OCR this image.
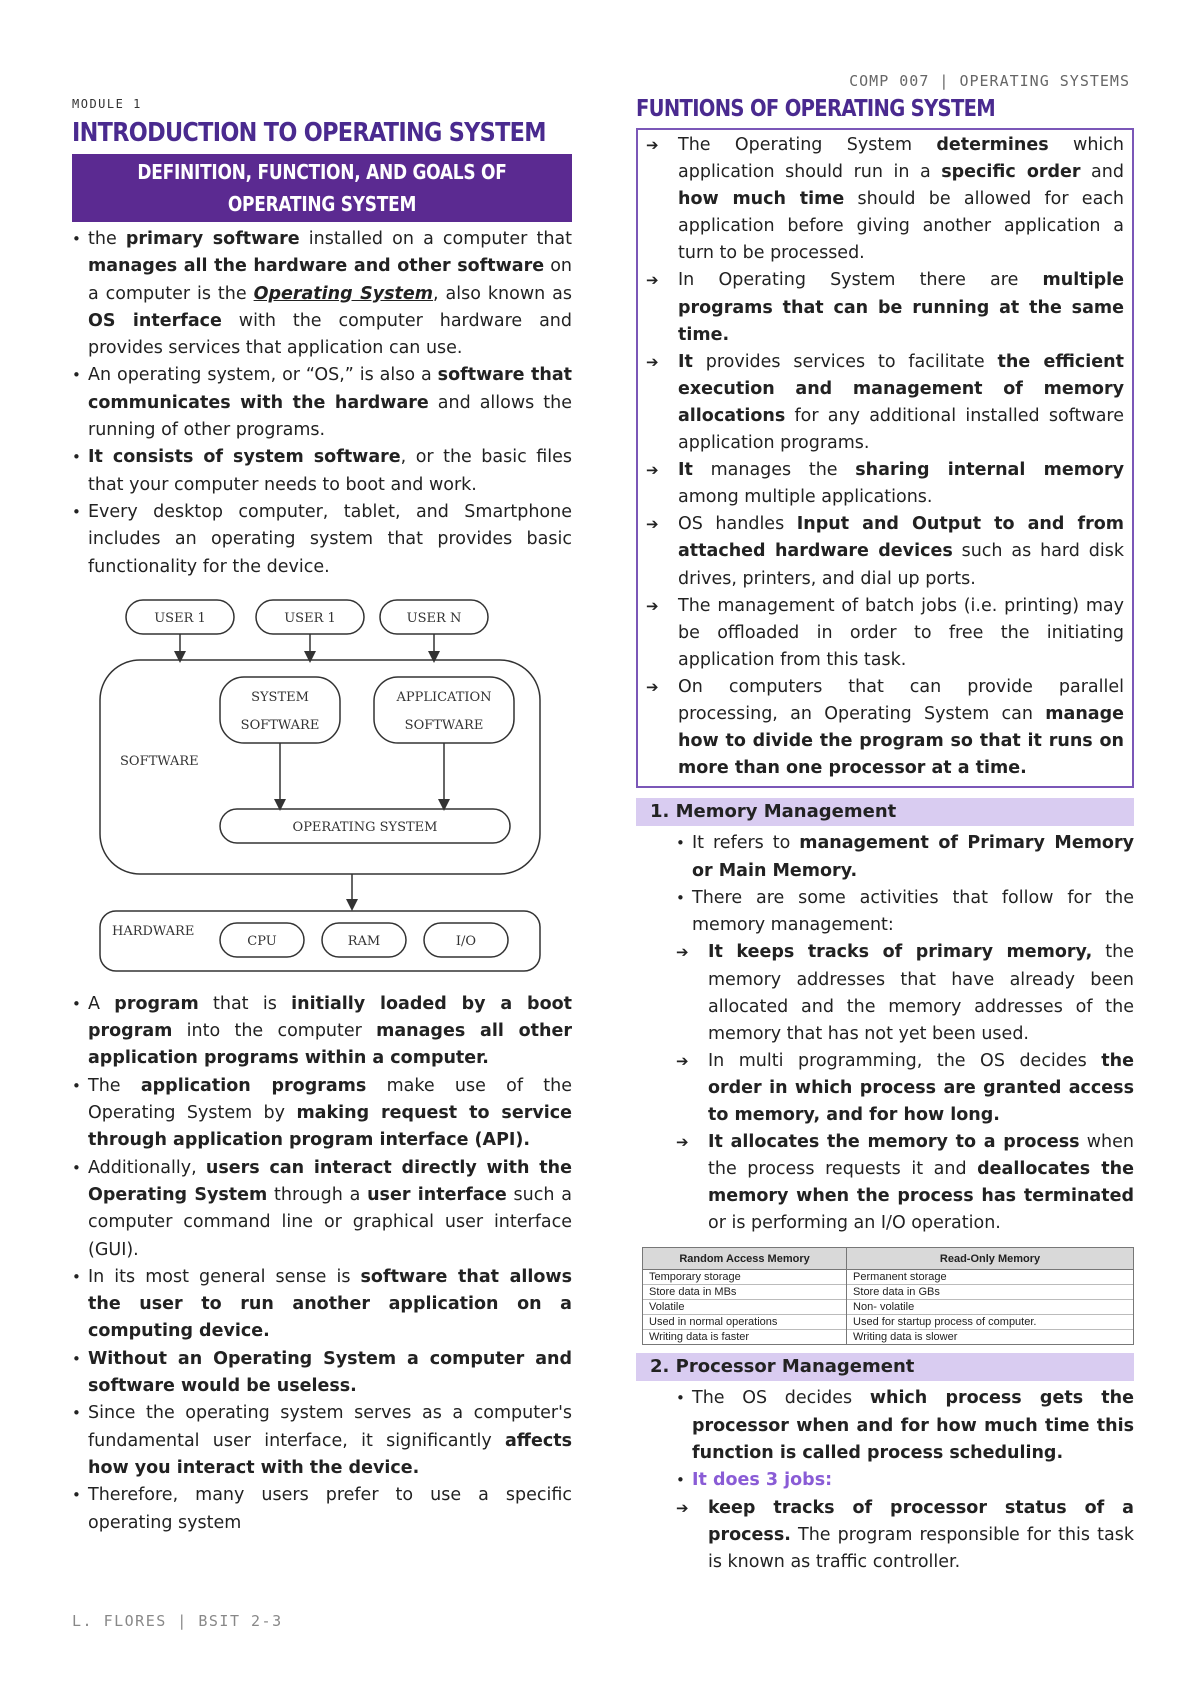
COMP 007 | OPERATING SYSTEMS
MODULE 1
L. FLORES | BSIT 2-3
INTRODUCTION TO OPERATING SYSTEM
DEFINITION, FUNCTION, AND GOALS OF OPERATING SYSTEM
• the primary software installed on a computer that manages all the hardware and other software on a computer is the Operating System, also known as OS interface with the computer hardware and provides services that application can use.
• An operating system, or “OS,” is also a software that communicates with the hardware and allows the running of other programs.
• It consists of system software, or the basic files that your computer needs to boot and work.
• Every desktop computer, tablet, and Smartphone includes an operating system that provides basic functionality for the device.
USER 1	USER 1	USER N
SYSTEM
SOFTWARE
APPLICATION
SOFTWARE
SOFTWARE
OPERATING SYSTEM
HARDWARE
CPU	RAM	I/O
• A program that is initially loaded by a boot program into the computer manages all other application programs within a computer.
• The application programs make use of the Operating System by making request to service through application program interface (API).
• Additionally, users can interact directly with the Operating System through a user interface such a computer command line or graphical user interface (GUI).
• In its most general sense is software that allows the user to run another application on a computing device.
• Without an Operating System a computer and software would be useless.
• Since the operating system serves as a computer's fundamental user interface, it significantly affects how you interact with the device.
• Therefore, many users prefer to use a specific operating system
FUNTIONS OF OPERATING SYSTEM
➔ The Operating System determines which application should run in a specific order and how much time should be allowed for each application before giving another application a turn to be processed.
➔ In Operating System there are multiple programs that can be running at the same time.
➔ It provides services to facilitate the efficient execution and management of memory allocations for any additional installed software application programs.
➔ It manages the sharing internal memory among multiple applications.
➔ OS handles Input and Output to and from attached hardware devices such as hard disk drives, printers, and dial up ports.
➔ The management of batch jobs (i.e. printing) may be offloaded in order to free the initiating application from this task.
➔ On computers that can provide parallel processing, an Operating System can manage how to divide the program so that it runs on more than one processor at a time.
1. Memory Management
• It refers to management of Primary Memory or Main Memory.
• There are some activities that follow for the memory management:
➔ It keeps tracks of primary memory, the memory addresses that have already been allocated and the memory addresses of the memory that has not yet been used.
➔ In multi programming, the OS decides the order in which process are granted access to memory, and for how long.
➔ It allocates the memory to a process when the process requests it and deallocates the memory when the process has terminated or is performing an I/O operation.
Random Access Memory	Read-Only Memory
Temporary storage	Permanent storage
Store data in MBs	Store data in GBs
Volatile	Non- volatile
Used in normal operations	Used for startup process of computer.
Writing data is faster	Writing data is slower
2. Processor Management
• The OS decides which process gets the processor when and for how much time this function is called process scheduling.
• It does 3 jobs:
➔ keep tracks of processor status of a process. The program responsible for this task is known as traffic controller.
